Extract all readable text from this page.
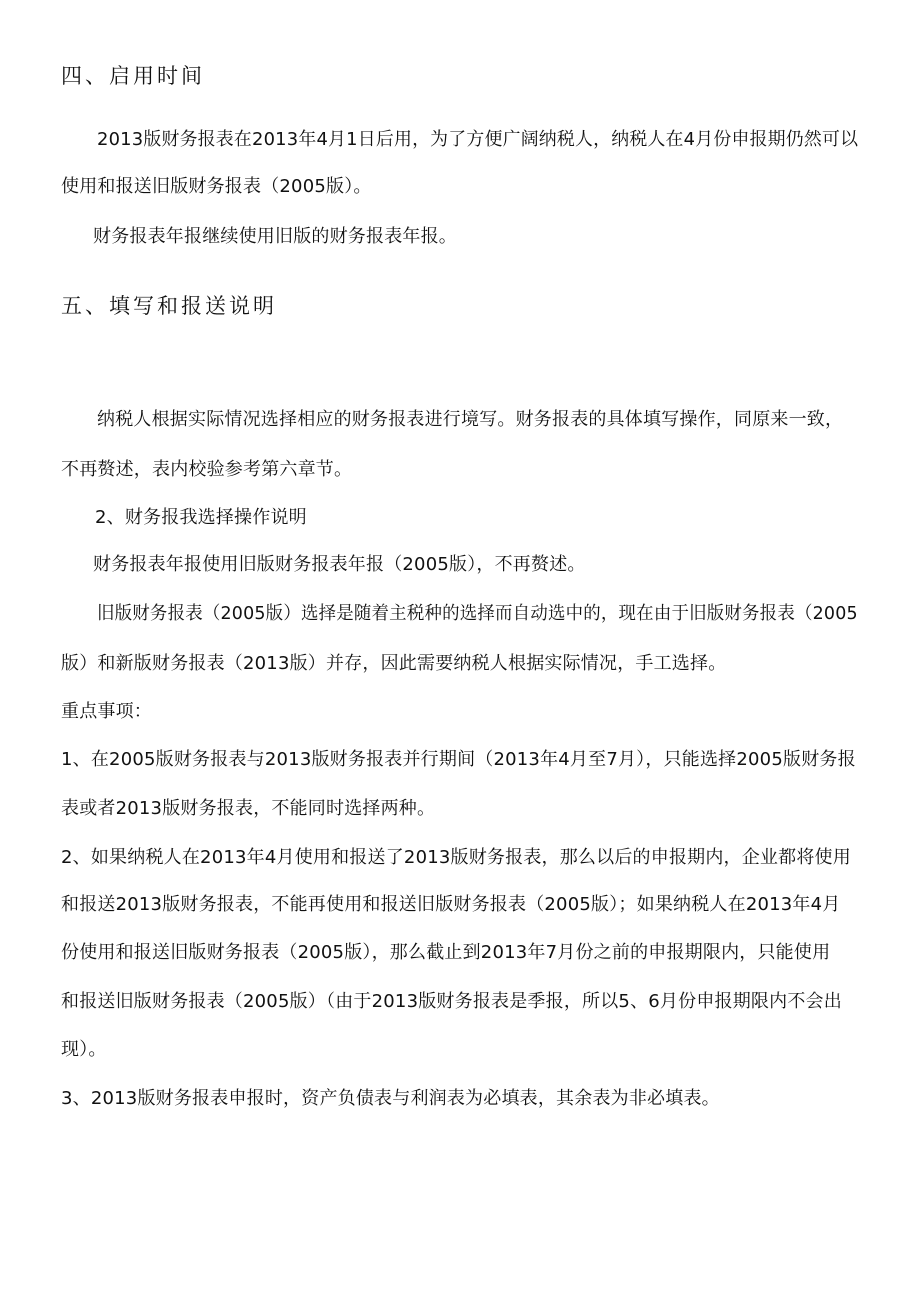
四、启用时间
2013版财务报表在2013年4月1日后用，为了方便广阔纳税人，纳税人在4月份申报期仍然可以
使用和报送旧版财务报表（2005版）。
财务报表年报继续使用旧版的财务报表年报。
五、填写和报送说明
纳税人根据实际情况选择相应的财务报表进行境写。财务报表的具体填写操作，同原来一致，
不再赘述，表内校验参考第六章节。
2、财务报我选择操作说明
财务报表年报使用旧版财务报表年报（2005版），不再赘述。
旧版财务报表（2005版）选择是随着主税种的选择而自动选中的，现在由于旧版财务报表（2005
版）和新版财务报表（2013版）并存，因此需要纳税人根据实际情况，手工选择。
重点事项：
1、在2005版财务报表与2013版财务报表并行期间（2013年4月至7月），只能选择2005版财务报
表或者2013版财务报表，不能同时选择两种。
2、如果纳税人在2013年4月使用和报送了2013版财务报表，那么以后的申报期内，企业都将使用
和报送2013版财务报表，不能再使用和报送旧版财务报表（2005版）；如果纳税人在2013年4月
份使用和报送旧版财务报表（2005版），那么截止到2013年7月份之前的申报期限内，只能使用
和报送旧版财务报表（2005版）（由于2013版财务报表是季报，所以5、6月份申报期限内不会出
现）。
3、2013版财务报表申报时，资产负债表与利润表为必填表，其余表为非必填表。
